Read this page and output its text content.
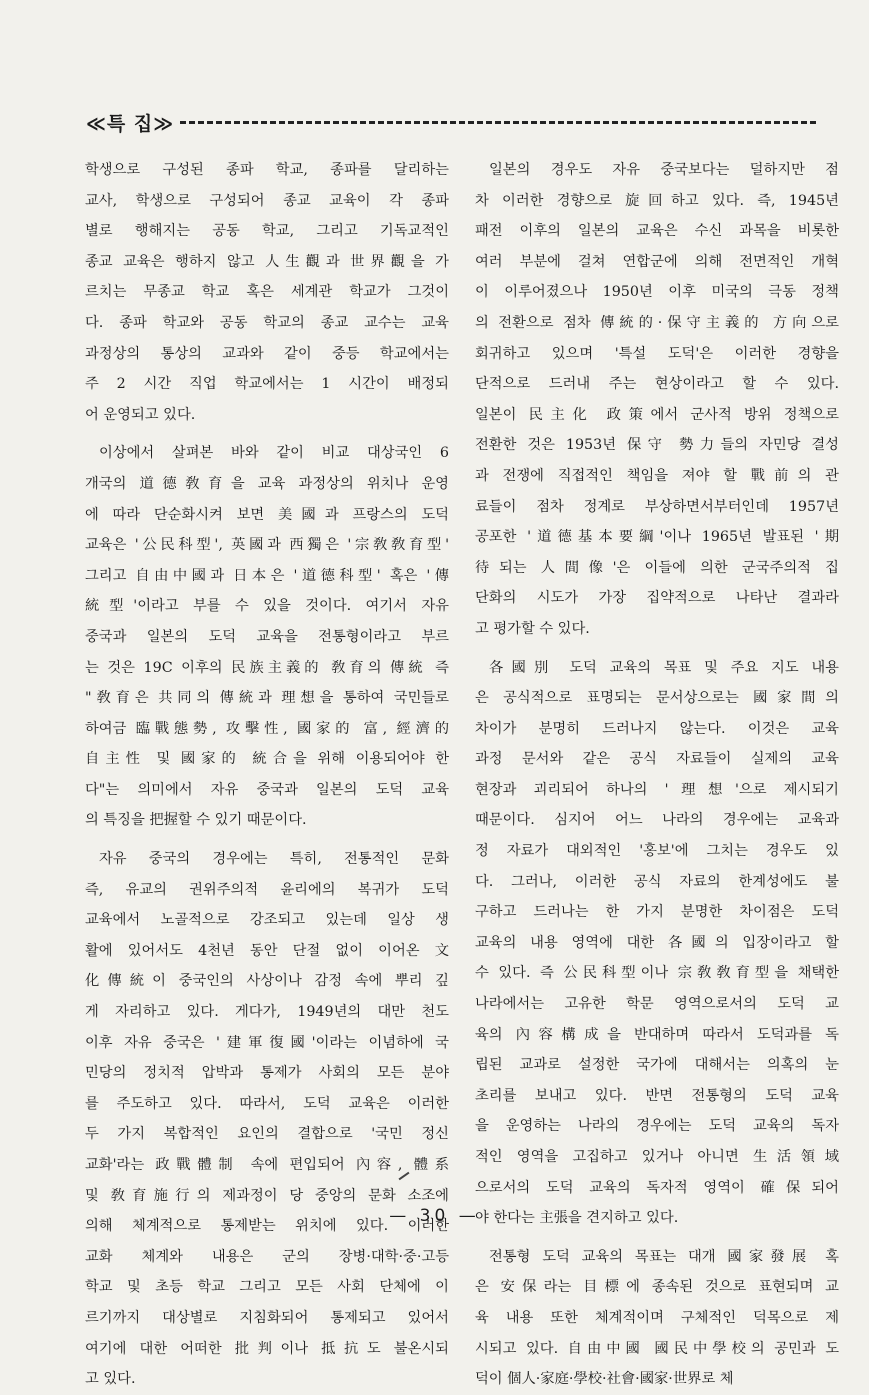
≪특 집≫
학생으로 구성된 종파 학교, 종파를 달리하는
교사, 학생으로 구성되어 종교 교육이 각 종파
별로 행해지는 공동 학교, 그리고 기독교적인
종교 교육은 행하지 않고 人生觀과 世界觀을 가
르치는 무종교 학교 혹은 세계관 학교가 그것이
다. 종파 학교와 공동 학교의 종교 교수는 교육
과정상의 통상의 교과와 같이 중등 학교에서는
주 2 시간 직업 학교에서는 1 시간이 배정되
어 운영되고 있다.
이상에서 살펴본 바와 같이 비교 대상국인 6
개국의 道德敎育을 교육 과정상의 위치나 운영
에 따라 단순화시켜 보면 美國과 프랑스의 도덕
교육은 '公民科型', 英國과 西獨은 '宗敎敎育型'
그리고 自由中國과 日本은 '道德科型' 혹은 '傳
統型'이라고 부를 수 있을 것이다. 여기서 자유
중국과 일본의 도덕 교육을 전통형이라고 부르
는 것은 19C 이후의 民族主義的 敎育의 傳統 즉
"敎育은 共同의 傳統과 理想을 통하여 국민들로
하여금 臨戰態勢, 攻擊性, 國家的 富, 經濟的
自主性 및 國家的 統合을 위해 이용되어야 한
다"는 의미에서 자유 중국과 일본의 도덕 교육
의 특징을 把握할 수 있기 때문이다.
자유 중국의 경우에는 특히, 전통적인 문화
즉, 유교의 권위주의적 윤리에의 복귀가 도덕
교육에서 노골적으로 강조되고 있는데 일상 생
활에 있어서도 4천년 동안 단절 없이 이어온 文
化傳統이 중국인의 사상이나 감정 속에 뿌리 깊
게 자리하고 있다. 게다가, 1949년의 대만 천도
이후 자유 중국은 '建軍復國'이라는 이념하에 국
민당의 정치적 압박과 통제가 사회의 모든 분야
를 주도하고 있다. 따라서, 도덕 교육은 이러한
두 가지 복합적인 요인의 결합으로 '국민 정신
교화'라는 政戰體制 속에 편입되어 內容, 體系
및 敎育施行의 제과정이 당 중앙의 문화 소조에
의해 체계적으로 통제받는 위치에 있다. 이러한
교화 체계와 내용은 군의 장병·대학·중·고등
학교 및 초등 학교 그리고 모든 사회 단체에 이
르기까지 대상별로 지침화되어 통제되고 있어서
여기에 대한 어떠한 批判이나 抵抗도 불온시되
고 있다.
일본의 경우도 자유 중국보다는 덜하지만 점
차 이러한 경향으로 旋回하고 있다. 즉, 1945년
패전 이후의 일본의 교육은 수신 과목을 비롯한
여러 부분에 걸쳐 연합군에 의해 전면적인 개혁
이 이루어졌으나 1950년 이후 미국의 극동 정책
의 전환으로 점차 傳統的·保守主義的 方向으로
회귀하고 있으며 '특설 도덕'은 이러한 경향을
단적으로 드러내 주는 현상이라고 할 수 있다.
일본이 民主化 政策에서 군사적 방위 정책으로
전환한 것은 1953년 保守 勢力들의 자민당 결성
과 전쟁에 직접적인 책임을 져야 할 戰前의 관
료들이 점차 정계로 부상하면서부터인데 1957년
공포한 '道德基本要綱'이나 1965년 발표된 '期
待되는 人間像'은 이들에 의한 군국주의적 집
단화의 시도가 가장 집약적으로 나타난 결과라
고 평가할 수 있다.
各國別 도덕 교육의 목표 및 주요 지도 내용
은 공식적으로 표명되는 문서상으로는 國家間의
차이가 분명히 드러나지 않는다. 이것은 교육
과정 문서와 같은 공식 자료들이 실제의 교육
현장과 괴리되어 하나의 '理想'으로 제시되기
때문이다. 심지어 어느 나라의 경우에는 교육과
정 자료가 대외적인 '홍보'에 그치는 경우도 있
다. 그러나, 이러한 공식 자료의 한계성에도 불
구하고 드러나는 한 가지 분명한 차이점은 도덕
교육의 내용 영역에 대한 各國의 입장이라고 할
수 있다. 즉 公民科型이나 宗敎敎育型을 채택한
나라에서는 고유한 학문 영역으로서의 도덕 교
육의 內容構成을 반대하며 따라서 도덕과를 독
립된 교과로 설정한 국가에 대해서는 의혹의 눈
초리를 보내고 있다. 반면 전통형의 도덕 교육
을 운영하는 나라의 경우에는 도덕 교육의 독자
적인 영역을 고집하고 있거나 아니면 生活領域
으로서의 도덕 교육의 독자적 영역이 確保되어
야 한다는 主張을 견지하고 있다.
전통형 도덕 교육의 목표는 대개 國家發展 혹
은 安保라는 目標에 종속된 것으로 표현되며 교
육 내용 또한 체계적이며 구체적인 덕목으로 제
시되고 있다. 自由中國 國民中學校의 공민과 도
덕이 個人·家庭·學校·社會·國家·世界로 체
— 30 —
